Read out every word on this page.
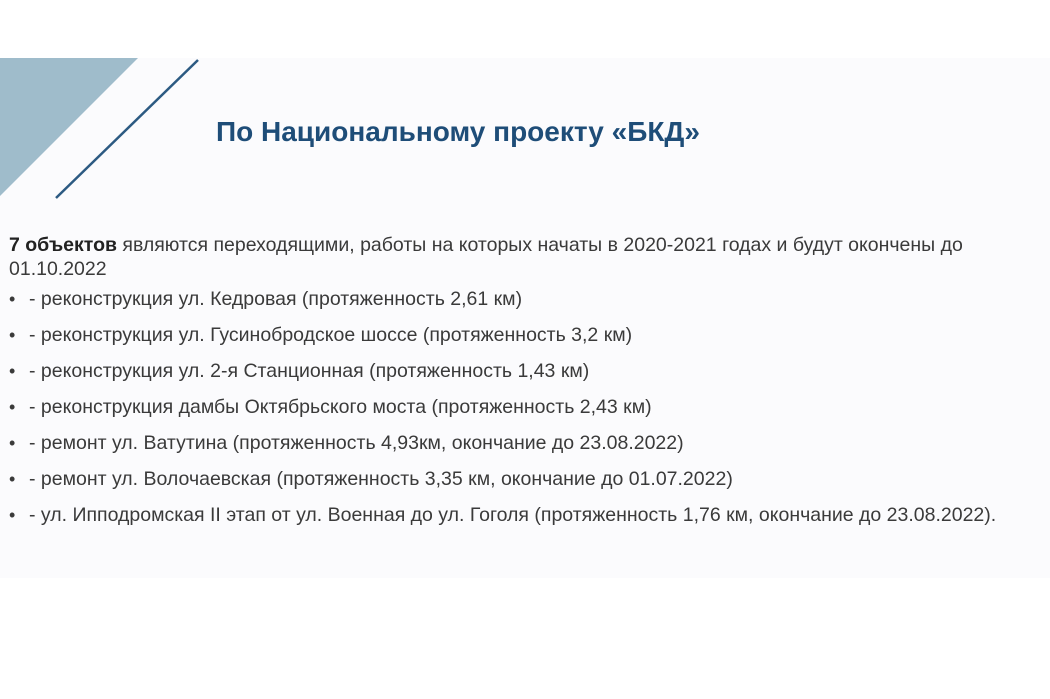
По Национальному проекту «БКД»

7 объектов являются переходящими, работы на которых начаты в 2020-2021 годах и будут окончены до 01.10.2022

• - реконструкция ул. Кедровая (протяженность 2,61 км)
• - реконструкция ул. Гусинобродское шоссе (протяженность 3,2 км)
• - реконструкция ул. 2-я Станционная (протяженность 1,43 км)
• - реконструкция дамбы Октябрьского моста (протяженность 2,43 км)
• - ремонт ул. Ватутина (протяженность 4,93км, окончание до 23.08.2022)
• - ремонт ул. Волочаевская (протяженность 3,35 км, окончание до 01.07.2022)
• - ул. Ипподромская II этап от ул. Военная до ул. Гоголя (протяженность 1,76 км, окончание до 23.08.2022).
